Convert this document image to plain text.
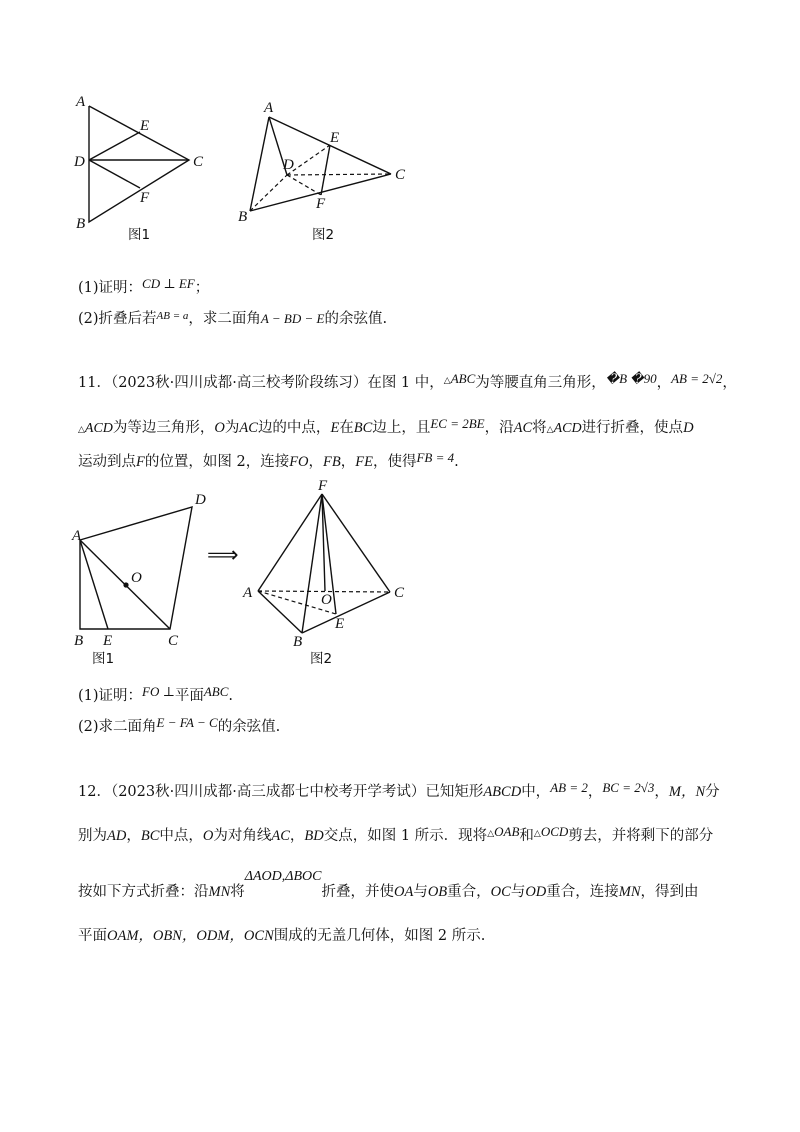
A
E
D	C
F
B
图1
A
E
D
C
F
B
图2
(1)证明：CD ⊥ EF；
(2)折叠后若$^{AB = a}$，求二面角A − BD − E的余弦值.
11．（2023秋·四川成都·高三校考阶段练习）在图 1 中，△ABC为等腰直角三角形，�B �90，AB = 2√2，
△ACD为等边三角形，O为AC边的中点，E在BC边上，且EC = 2BE，沿AC将△ACD进行折叠，使点D
运动到点F的位置，如图 2，连接FO，FB，FE，使得FB = 4.
D
A
O
B E	C
图1
⟹
F
A	O	C
E
B
图2
(1)证明：FO ⊥平面ABC.
(2)求二面角E − FA − C的余弦值.
12．（2023秋·四川成都·高三成都七中校考开学考试）已知矩形ABCD中，AB = 2，BC = 2√3，M，N分
别为AD，BC中点，O为对角线AC，BD交点，如图 1 所示．现将△OAB和△OCD剪去，并将剩下的部分
按如下方式折叠：沿MN将ΔAOD,ΔBOC折叠，并使OA与OB重合，OC与OD重合，连接MN，得到由
平面OAM，OBN，ODM，OCN围成的无盖几何体，如图 2 所示.
